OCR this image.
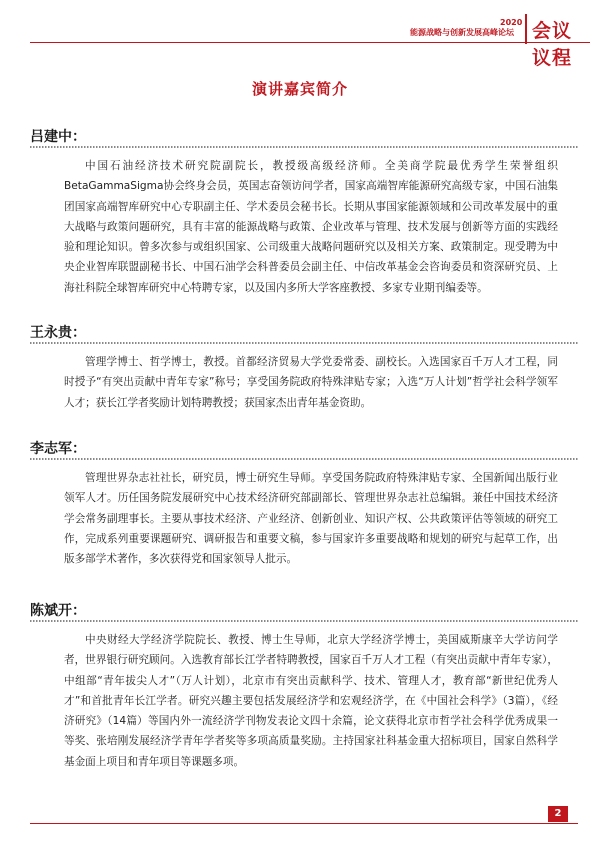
2020
能源战略与创新发展高峰论坛 会议议程
演讲嘉宾简介
吕建中：

中国石油经济技术研究院副院长，教授级高级经济师。全美商学院最优秀学生荣誉组织BetaGammaSigma协会终身会员，英国志奋领访问学者，国家高端智库能源研究高级专家，中国石油集团国家高端智库研究中心专职副主任、学术委员会秘书长。长期从事国家能源领域和公司改革发展中的重大战略与政策问题研究，具有丰富的能源战略与政策、企业改革与管理、技术发展与创新等方面的实践经验和理论知识。曾多次参与或组织国家、公司级重大战略问题研究以及相关方案、政策制定。现受聘为中央企业智库联盟副秘书长、中国石油学会科普委员会副主任、中信改革基金会咨询委员和资深研究员、上海社科院全球智库研究中心特聘专家，以及国内多所大学客座教授、多家专业期刊编委等。

王永贵：

管理学博士、哲学博士，教授。首都经济贸易大学党委常委、副校长。入选国家百千万人才工程，同时授予“有突出贡献中青年专家”称号；享受国务院政府特殊津贴专家；入选“万人计划”哲学社会科学领军人才；获长江学者奖励计划特聘教授；获国家杰出青年基金资助。

李志军：

管理世界杂志社社长，研究员，博士研究生导师。享受国务院政府特殊津贴专家、全国新闻出版行业领军人才。历任国务院发展研究中心技术经济研究部副部长、管理世界杂志社总编辑。兼任中国技术经济学会常务副理事长。主要从事技术经济、产业经济、创新创业、知识产权、公共政策评估等领域的研究工作，完成系列重要课题研究、调研报告和重要文稿，参与国家许多重要战略和规划的研究与起草工作，出版多部学术著作，多次获得党和国家领导人批示。

陈斌开：

中央财经大学经济学院院长、教授、博士生导师，北京大学经济学博士，美国威斯康辛大学访问学者，世界银行研究顾问。入选教育部长江学者特聘教授，国家百千万人才工程（有突出贡献中青年专家），中组部“青年拔尖人才”（万人计划），北京市有突出贡献科学、技术、管理人才，教育部“新世纪优秀人才”和首批青年长江学者。研究兴趣主要包括发展经济学和宏观经济学，在《中国社会科学》（3篇），《经济研究》（14篇）等国内外一流经济学刊物发表论文四十余篇，论文获得北京市哲学社会科学优秀成果一等奖、张培刚发展经济学青年学者奖等多项高质量奖励。主持国家社科基金重大招标项目，国家自然科学基金面上项目和青年项目等课题多项。

2
